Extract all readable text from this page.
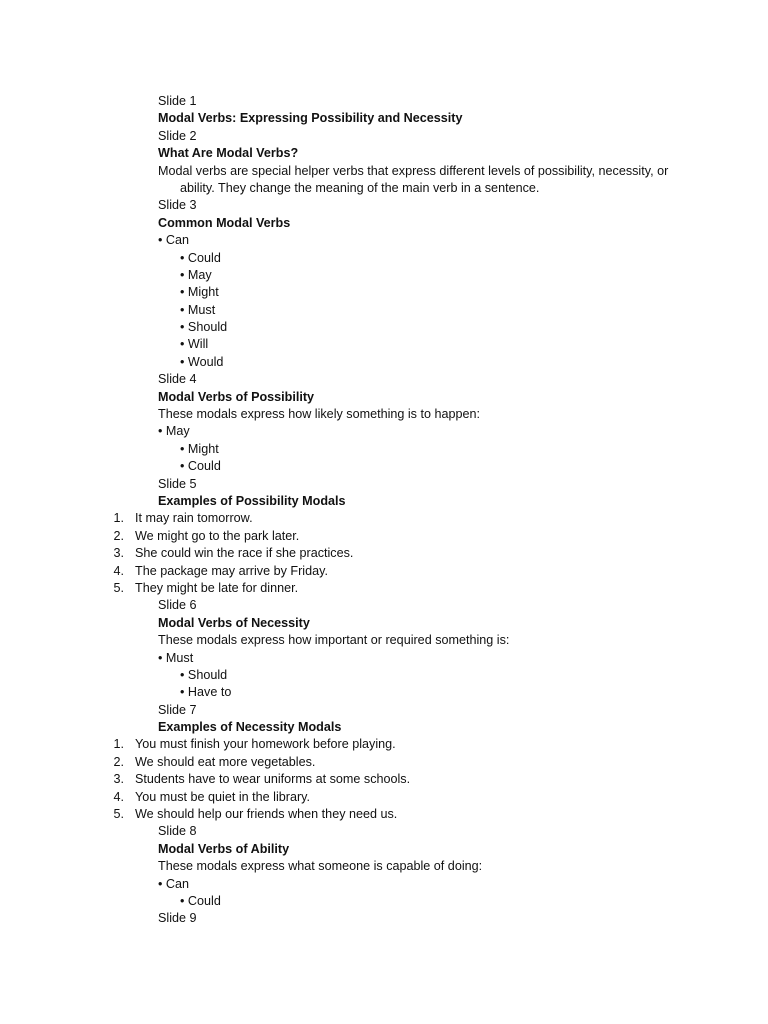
Slide 1
Modal Verbs: Expressing Possibility and Necessity
Slide 2
What Are Modal Verbs?
Modal verbs are special helper verbs that express different levels of possibility, necessity, or
ability. They change the meaning of the main verb in a sentence.
Slide 3
Common Modal Verbs
• Can
• Could
• May
• Might
• Must
• Should
• Will
• Would
Slide 4
Modal Verbs of Possibility
These modals express how likely something is to happen:
• May
• Might
• Could
Slide 5
Examples of Possibility Modals
1. It may rain tomorrow.
2. We might go to the park later.
3. She could win the race if she practices.
4. The package may arrive by Friday.
5. They might be late for dinner.
Slide 6
Modal Verbs of Necessity
These modals express how important or required something is:
• Must
• Should
• Have to
Slide 7
Examples of Necessity Modals
1. You must finish your homework before playing.
2. We should eat more vegetables.
3. Students have to wear uniforms at some schools.
4. You must be quiet in the library.
5. We should help our friends when they need us.
Slide 8
Modal Verbs of Ability
These modals express what someone is capable of doing:
• Can
• Could
Slide 9
